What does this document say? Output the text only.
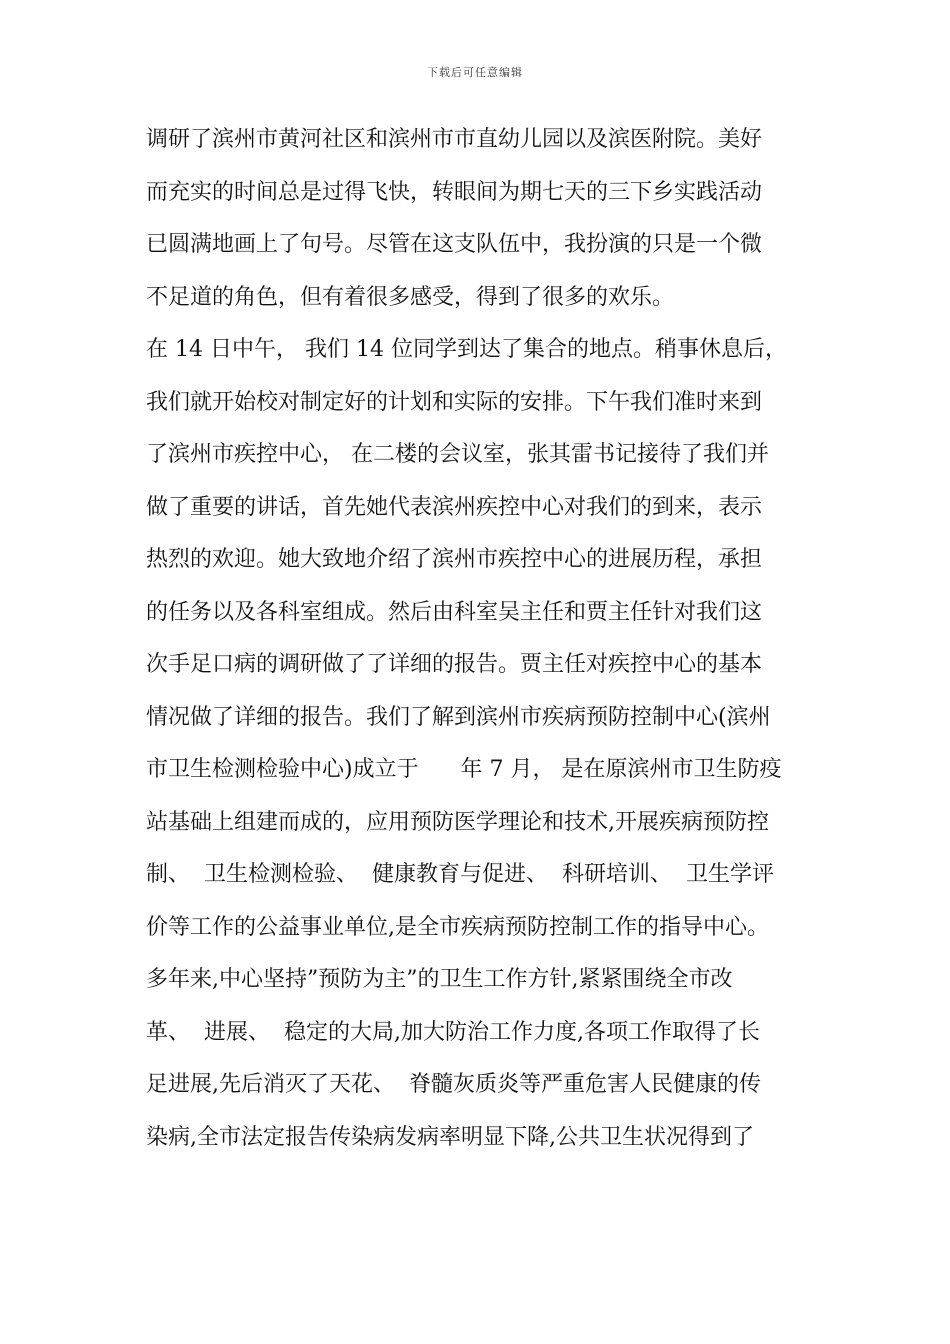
下载后可任意编辑
调研了滨州市黄河社区和滨州市市直幼儿园以及滨医附院。美好
而充实的时间总是过得飞快，转眼间为期七天的三下乡实践活动
已圆满地画上了句号。尽管在这支队伍中，我扮演的只是一个微
不足道的角色，但有着很多感受，得到了很多的欢乐。
在 14 日中午， 我们 14 位同学到达了集合的地点。稍事休息后，
我们就开始校对制定好的计划和实际的安排。下午我们准时来到
了滨州市疾控中心， 在二楼的会议室，张其雷书记接待了我们并
做了重要的讲话，首先她代表滨州疾控中心对我们的到来，表示
热烈的欢迎。她大致地介绍了滨州市疾控中心的进展历程，承担
的任务以及各科室组成。然后由科室吴主任和贾主任针对我们这
次手足口病的调研做了了详细的报告。贾主任对疾控中心的基本
情况做了详细的报告。我们了解到滨州市疾病预防控制中心(滨州
市卫生检测检验中心)成立于      年 7 月， 是在原滨州市卫生防疫
站基础上组建而成的，应用预防医学理论和技术,开展疾病预防控
制、  卫生检测检验、  健康教育与促进、  科研培训、  卫生学评
价等工作的公益事业单位,是全市疾病预防控制工作的指导中心。
多年来,中心坚持”预防为主”的卫生工作方针,紧紧围绕全市改
革、  进展、  稳定的大局,加大防治工作力度,各项工作取得了长
足进展,先后消灭了天花、  脊髓灰质炎等严重危害人民健康的传
染病,全市法定报告传染病发病率明显下降,公共卫生状况得到了
